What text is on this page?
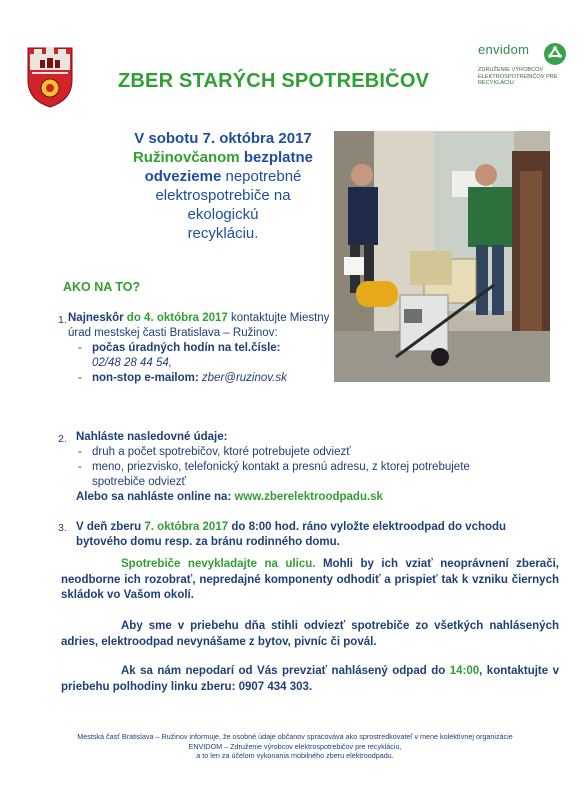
ZBER STARÝCH SPOTREBIČOV
envidom
ZDRUŽENIE VÝROBCOV
ELEKTROSPOTREBIČOV PRE RECYKLÁCIU
V sobotu 7. októbra 2017
Ružinovčanom bezplatne
odvezieme nepotrebné
elektrospotrebiče na ekologickú
recykláciu.
AKO NA TO?
1. Najneskôr do 4. októbra 2017 kontaktujte Miestny úrad mestskej časti Bratislava – Ružinov:
- počas úradných hodín na tel.čísle:
02/48 28 44 54,
- non-stop e-mailom: zber@ruzinov.sk
2. Nahláste nasledovné údaje:
- druh a počet spotrebičov, ktoré potrebujete odviezť
- meno, priezvisko, telefonický kontakt a presnú adresu, z ktorej potrebujete spotrebiče odviezť
Alebo sa nahláste online na: www.zberelektroodpadu.sk
3. V deň zberu 7. októbra 2017 do 8:00 hod. ráno vyložte elektroodpad do vchodu bytového domu resp. za bránu rodinného domu.
Spotrebiče nevykladajte na ulicu. Mohli by ich vziať neoprávnení zberači, neodborne ich rozobrať, nepredajné komponenty odhodiť a prispieť tak k vzniku čiernych skládok vo Vašom okolí.
Aby sme v priebehu dňa stihli odviezť spotrebiče zo všetkých nahlásených adries, elektroodpad nevynášame z bytov, pivníc či povál.
Ak sa nám nepodarí od Vás prevziať nahlásený odpad do 14:00, kontaktujte v priebehu polhodiny linku zberu: 0907 434 303.
Mestská časť Bratislava – Ružinov informuje, že osobné údaje občanov spracováva ako sprostredkovateľ v mene kolektívnej organizácie
ENVIDOM – Združenie výrobcov elektrospotrebičov pre recykláciu,
a to len za účelom vykonania mobilného zberu elektroodpadu.
